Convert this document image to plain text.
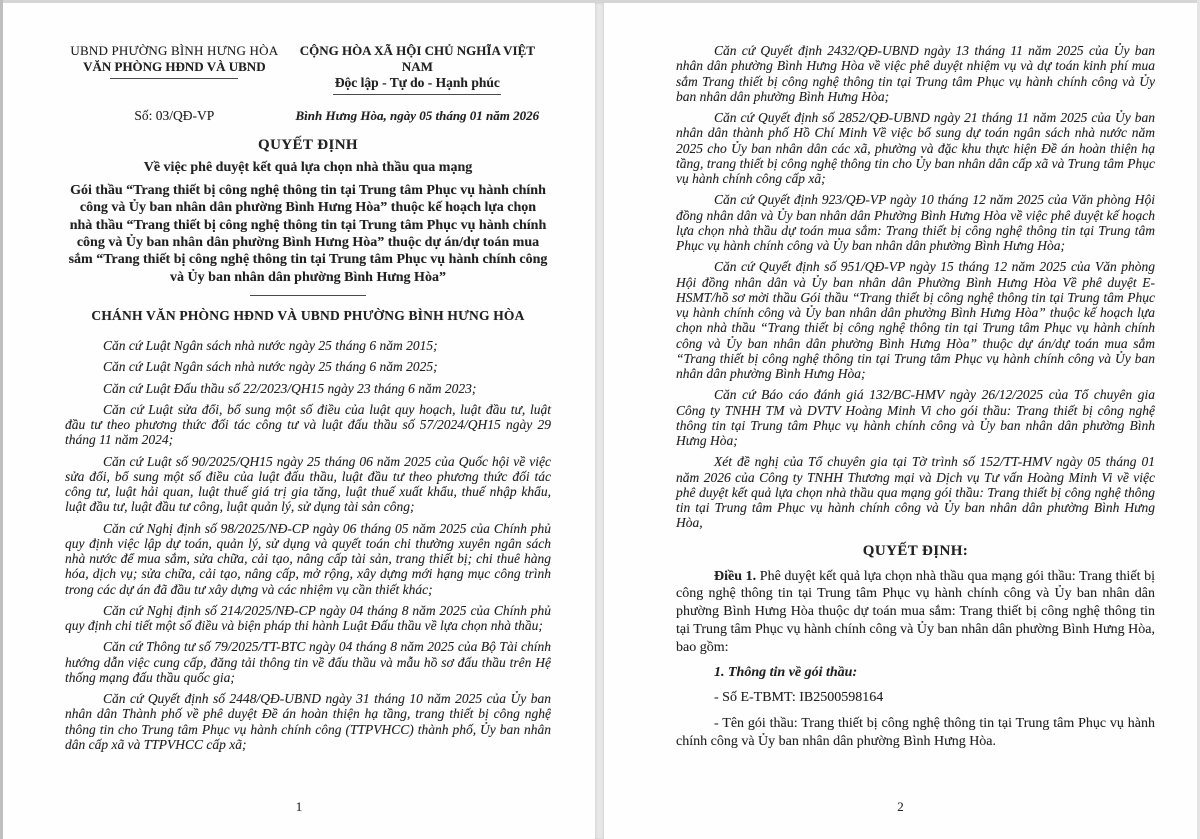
UBND PHƯỜNG BÌNH HƯNG HÒA
VĂN PHÒNG HĐND VÀ UBND
CỘNG HÒA XÃ HỘI CHỦ NGHĨA VIỆT NAM
Độc lập - Tự do - Hạnh phúc
Số: 03/QĐ-VP	Bình Hưng Hòa, ngày 05 tháng 01 năm 2026
QUYẾT ĐỊNH
Về việc phê duyệt kết quả lựa chọn nhà thầu qua mạng
Gói thầu “Trang thiết bị công nghệ thông tin tại Trung tâm Phục vụ hành chính công và Ủy ban nhân dân phường Bình Hưng Hòa” thuộc kế hoạch lựa chọn nhà thầu “Trang thiết bị công nghệ thông tin tại Trung tâm Phục vụ hành chính công và Ủy ban nhân dân phường Bình Hưng Hòa” thuộc dự án/dự toán mua sắm “Trang thiết bị công nghệ thông tin tại Trung tâm Phục vụ hành chính công và Ủy ban nhân dân phường Bình Hưng Hòa”
CHÁNH VĂN PHÒNG HĐND VÀ UBND PHƯỜNG BÌNH HƯNG HÒA

Căn cứ Luật Ngân sách nhà nước ngày 25 tháng 6 năm 2015;

Căn cứ Luật Ngân sách nhà nước ngày 25 tháng 6 năm 2025;

Căn cứ Luật Đấu thầu số 22/2023/QH15 ngày 23 tháng 6 năm 2023;

Căn cứ Luật sửa đổi, bổ sung một số điều của luật quy hoạch, luật đầu tư, luật đầu tư theo phương thức đối tác công tư và luật đấu thầu số 57/2024/QH15 ngày 29 tháng 11 năm 2024;

Căn cứ Luật số 90/2025/QH15 ngày 25 tháng 06 năm 2025 của Quốc hội về việc sửa đổi, bổ sung một số điều của luật đấu thầu, luật đầu tư theo phương thức đối tác công tư, luật hải quan, luật thuế giá trị gia tăng, luật thuế xuất khẩu, thuế nhập khẩu, luật đầu tư, luật đầu tư công, luật quản lý, sử dụng tài sản công;

Căn cứ Nghị định số 98/2025/NĐ-CP ngày 06 tháng 05 năm 2025 của Chính phủ quy định việc lập dự toán, quản lý, sử dụng và quyết toán chi thường xuyên ngân sách nhà nước để mua sắm, sửa chữa, cải tạo, nâng cấp tài sản, trang thiết bị; chi thuê hàng hóa, dịch vụ; sửa chữa, cải tạo, nâng cấp, mở rộng, xây dựng mới hạng mục công trình trong các dự án đã đầu tư xây dựng và các nhiệm vụ cần thiết khác;

Căn cứ Nghị định số 214/2025/NĐ-CP ngày 04 tháng 8 năm 2025 của Chính phủ quy định chi tiết một số điều và biện pháp thi hành Luật Đấu thầu về lựa chọn nhà thầu;

Căn cứ Thông tư số 79/2025/TT-BTC ngày 04 tháng 8 năm 2025 của Bộ Tài chính hướng dẫn việc cung cấp, đăng tải thông tin về đấu thầu và mẫu hồ sơ đấu thầu trên Hệ thống mạng đấu thầu quốc gia;

Căn cứ Quyết định số 2448/QĐ-UBND ngày 31 tháng 10 năm 2025 của Ủy ban nhân dân Thành phố về phê duyệt Đề án hoàn thiện hạ tầng, trang thiết bị công nghệ thông tin cho Trung tâm Phục vụ hành chính công (TTPVHCC) thành phố, Ủy ban nhân dân cấp xã và TTPVHCC cấp xã;

1

Căn cứ Quyết định 2432/QĐ-UBND ngày 13 tháng 11 năm 2025 của Ủy ban nhân dân phường Bình Hưng Hòa về việc phê duyệt nhiệm vụ và dự toán kinh phí mua sắm Trang thiết bị công nghệ thông tin tại Trung tâm Phục vụ hành chính công và Ủy ban nhân dân phường Bình Hưng Hòa;

Căn cứ Quyết định số 2852/QĐ-UBND ngày 21 tháng 11 năm 2025 của Ủy ban nhân dân thành phố Hồ Chí Minh Về việc bổ sung dự toán ngân sách nhà nước năm 2025 cho Ủy ban nhân dân các xã, phường và đặc khu thực hiện Đề án hoàn thiện hạ tầng, trang thiết bị công nghệ thông tin cho Ủy ban nhân dân cấp xã và Trung tâm Phục vụ hành chính công cấp xã;

Căn cứ Quyết định 923/QĐ-VP ngày 10 tháng 12 năm 2025 của Văn phòng Hội đồng nhân dân và Ủy ban nhân dân Phường Bình Hưng Hòa về việc phê duyệt kế hoạch lựa chọn nhà thầu dự toán mua sắm: Trang thiết bị công nghệ thông tin tại Trung tâm Phục vụ hành chính công và Ủy ban nhân dân phường Bình Hưng Hòa;

Căn cứ Quyết định số 951/QĐ-VP ngày 15 tháng 12 năm 2025 của Văn phòng Hội đồng nhân dân và Ủy ban nhân dân Phường Bình Hưng Hòa Về phê duyệt E-HSMT/hồ sơ mời thầu Gói thầu “Trang thiết bị công nghệ thông tin tại Trung tâm Phục vụ hành chính công và Ủy ban nhân dân phường Bình Hưng Hòa” thuộc kế hoạch lựa chọn nhà thầu “Trang thiết bị công nghệ thông tin tại Trung tâm Phục vụ hành chính công và Ủy ban nhân dân phường Bình Hưng Hòa” thuộc dự án/dự toán mua sắm “Trang thiết bị công nghệ thông tin tại Trung tâm Phục vụ hành chính công và Ủy ban nhân dân phường Bình Hưng Hòa;

Căn cứ Báo cáo đánh giá 132/BC-HMV ngày 26/12/2025 của Tổ chuyên gia Công ty TNHH TM và DVTV Hoàng Minh Vi cho gói thầu: Trang thiết bị công nghệ thông tin tại Trung tâm Phục vụ hành chính công và Ủy ban nhân dân phường Bình Hưng Hòa;

Xét đề nghị của Tổ chuyên gia tại Tờ trình số 152/TT-HMV ngày 05 tháng 01 năm 2026 của Công ty TNHH Thương mại và Dịch vụ Tư vấn Hoàng Minh Vi về việc phê duyệt kết quả lựa chọn nhà thầu qua mạng gói thầu: Trang thiết bị công nghệ thông tin tại Trung tâm Phục vụ hành chính công và Ủy ban nhân dân phường Bình Hưng Hòa,

QUYẾT ĐỊNH:

Điều 1. Phê duyệt kết quả lựa chọn nhà thầu qua mạng gói thầu: Trang thiết bị công nghệ thông tin tại Trung tâm Phục vụ hành chính công và Ủy ban nhân dân phường Bình Hưng Hòa thuộc dự toán mua sắm: Trang thiết bị công nghệ thông tin tại Trung tâm Phục vụ hành chính công và Ủy ban nhân dân phường Bình Hưng Hòa, bao gồm:

1. Thông tin về gói thầu:

- Số E-TBMT: IB2500598164

- Tên gói thầu: Trang thiết bị công nghệ thông tin tại Trung tâm Phục vụ hành chính công và Ủy ban nhân dân phường Bình Hưng Hòa.

2
